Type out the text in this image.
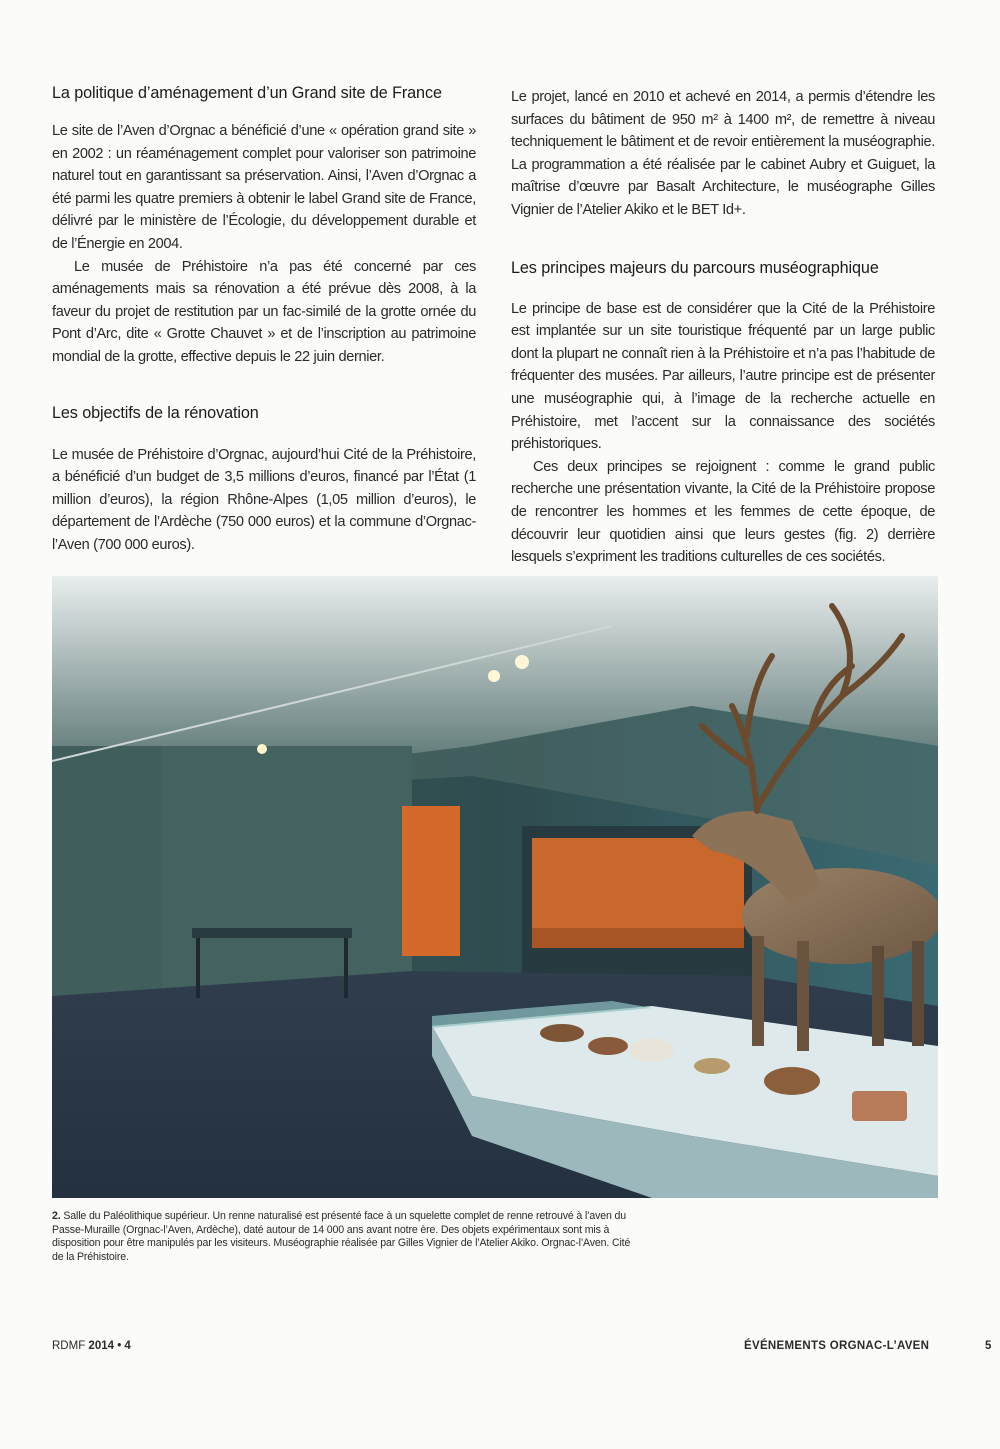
La politique d’aménagement d’un Grand site de France

Le site de l’Aven d’Orgnac a bénéficié d’une « opération grand site » en 2002 : un réaménagement complet pour valoriser son patrimoine naturel tout en garantissant sa préservation. Ainsi, l’Aven d’Orgnac a été parmi les quatre premiers à obtenir le label Grand site de France, délivré par le ministère de l’Écologie, du développement durable et de l’Énergie en 2004.

Le musée de Préhistoire n’a pas été concerné par ces aménagements mais sa rénovation a été prévue dès 2008, à la faveur du projet de restitution par un fac-similé de la grotte ornée du Pont d’Arc, dite « Grotte Chauvet » et de l’inscription au patrimoine mondial de la grotte, effective depuis le 22 juin dernier.

Les objectifs de la rénovation

Le musée de Préhistoire d’Orgnac, aujourd’hui Cité de la Préhistoire, a bénéficié d’un budget de 3,5 millions d’euros, financé par l’État (1 million d’euros), la région Rhône-Alpes (1,05 million d’euros), le département de l’Ardèche (750 000 euros) et la commune d’Orgnac-l’Aven (700 000 euros).

Le projet, lancé en 2010 et achevé en 2014, a permis d’étendre les surfaces du bâtiment de 950 m² à 1400 m², de remettre à niveau techniquement le bâtiment et de revoir entièrement la muséographie. La programmation a été réalisée par le cabinet Aubry et Guiguet, la maîtrise d’œuvre par Basalt Architecture, le muséographe Gilles Vignier de l’Atelier Akiko et le BET Id+.

Les principes majeurs du parcours muséographique

Le principe de base est de considérer que la Cité de la Préhistoire est implantée sur un site touristique fréquenté par un large public dont la plupart ne connaît rien à la Préhistoire et n’a pas l’habitude de fréquenter des musées. Par ailleurs, l’autre principe est de présenter une muséographie qui, à l’image de la recherche actuelle en Préhistoire, met l’accent sur la connaissance des sociétés préhistoriques.

Ces deux principes se rejoignent : comme le grand public recherche une présentation vivante, la Cité de la Préhistoire propose de rencontrer les hommes et les femmes de cette époque, de découvrir leur quotidien ainsi que leurs gestes (fig. 2) derrière lesquels s’expriment les traditions culturelles de ces sociétés.

2. Salle du Paléolithique supérieur. Un renne naturalisé est présenté face à un squelette complet de renne retrouvé à l’aven du Passe-Muraille (Orgnac-l’Aven, Ardèche), daté autour de 14 000 ans avant notre ère. Des objets expérimentaux sont mis à disposition pour être manipulés par les visiteurs. Muséographie réalisée par Gilles Vignier de l’Atelier Akiko. Orgnac-l’Aven. Cité de la Préhistoire.
RDMF 2014 • 4	ÉVÉNEMENTS ORGNAC-L’AVEN	5
